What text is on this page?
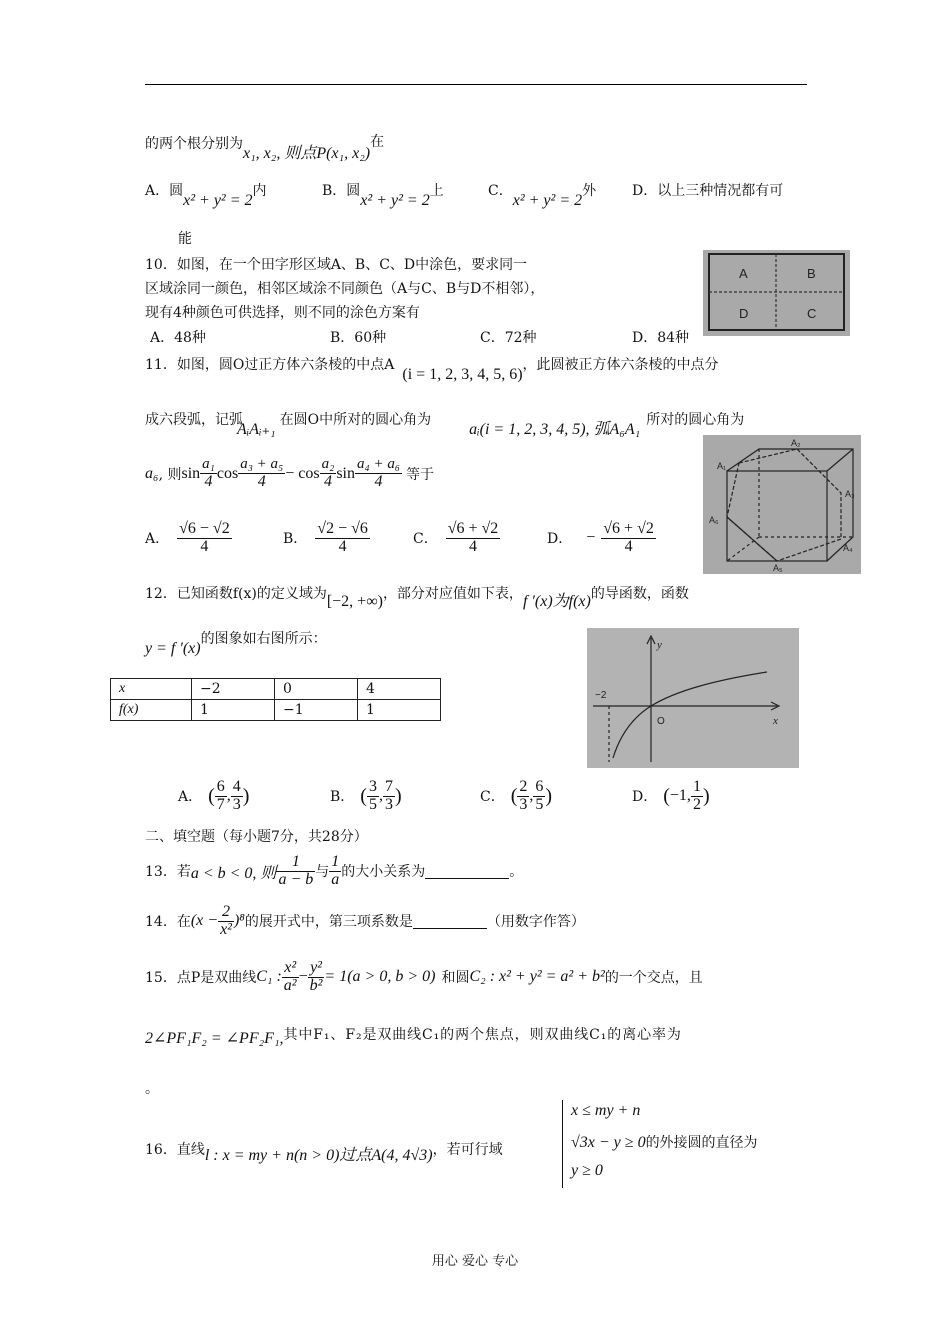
的两个根分别为x₁, x₂, 则点P(x₁, x₂)在
A．圆x² + y² = 2内	B．圆x² + y² = 2上	C．x² + y² = 2外	D．以上三种情况都有可
能
10．如图，在一个田字形区域A、B、C、D中涂色，要求同一
区域涂同一颜色，相邻区域涂不同颜色（A与C、B与D不相邻），
现有4种颜色可供选择，则不同的涂色方案有
A．48种	B．60种	C．72种	D．84种
A	B
D	C
11．如图，圆O过正方体六条棱的中点A(i = 1, 2, 3, 4, 5, 6)，此圆被正方体六条棱的中点分
成六段弧，记弧AᵢAᵢ₊₁在圆O中所对的圆心角为aᵢ(i = 1, 2, 3, 4, 5), 弧A₆A₁所对的圆心角为
a₆ , 则 $\sin \frac{\text{a₁}}{4}$ $\cos \frac{\text{a₃ + a₅}}{4} - \cos \frac{\text{a₂}}{4}$ $\sin \frac{\text{a₄ + a₆}}{4}$ 等于
A． $\frac{√6 - √2}{4}$	B． $\frac{√2 - √6}{4}$	C． $\frac{√6 + √2}{4}$	D． − $\frac{√6 + √2}{4}$
A₁
A₂
A₃
A₄
A₅
A₆
12．已知函数f(x)的定义域为[−2, +∞)，部分对应值如下表，f ′(x)为f(x)的导函数，函数
y = f ′(x)的图象如右图所示：
x	−2	0	4
f(x)	1	−1	1
y
x
O
−2
A． ( $\frac{6}{7}$ , $\frac{4}{3}$ )	B． ( $\frac{3}{5}$ , $\frac{7}{3}$ )	C． ( $\frac{2}{3}$ , $\frac{6}{5}$ )	D． ( −1, $\frac{1}{2}$ )
二、填空题（每小题7分，共28分）
13．若 a < b < 0, 则 $\frac{1}{a - b}$ 与 $\frac{1}{a}$ 的大小关系为	。
14．在 $(x - \frac{2}{\text{x²}} )^8$ 的展开式中，第三项系数是	（用数字作答）
15．点P是双曲线 C₁ : $\frac{\text{x²}}{\text{a²}} - \frac{\text{y²}}{\text{b²}} = 1(a > 0$, b > 0) 和圆 C₂ : x² + y² = a² + b² 的一个交点，且
2∠PF₁F₂ = ∠PF₂F₁,其中F₁、F₂是双曲线C₁的两个焦点，则双曲线C₁的离心率为
。
16．直线l : x = my + n(n > 0)过点A(4, 4√3)，若可行域
x ≤ my + n
√3x − y ≥ 0的外接圆的直径为
y ≥ 0
用心 爱心 专心
